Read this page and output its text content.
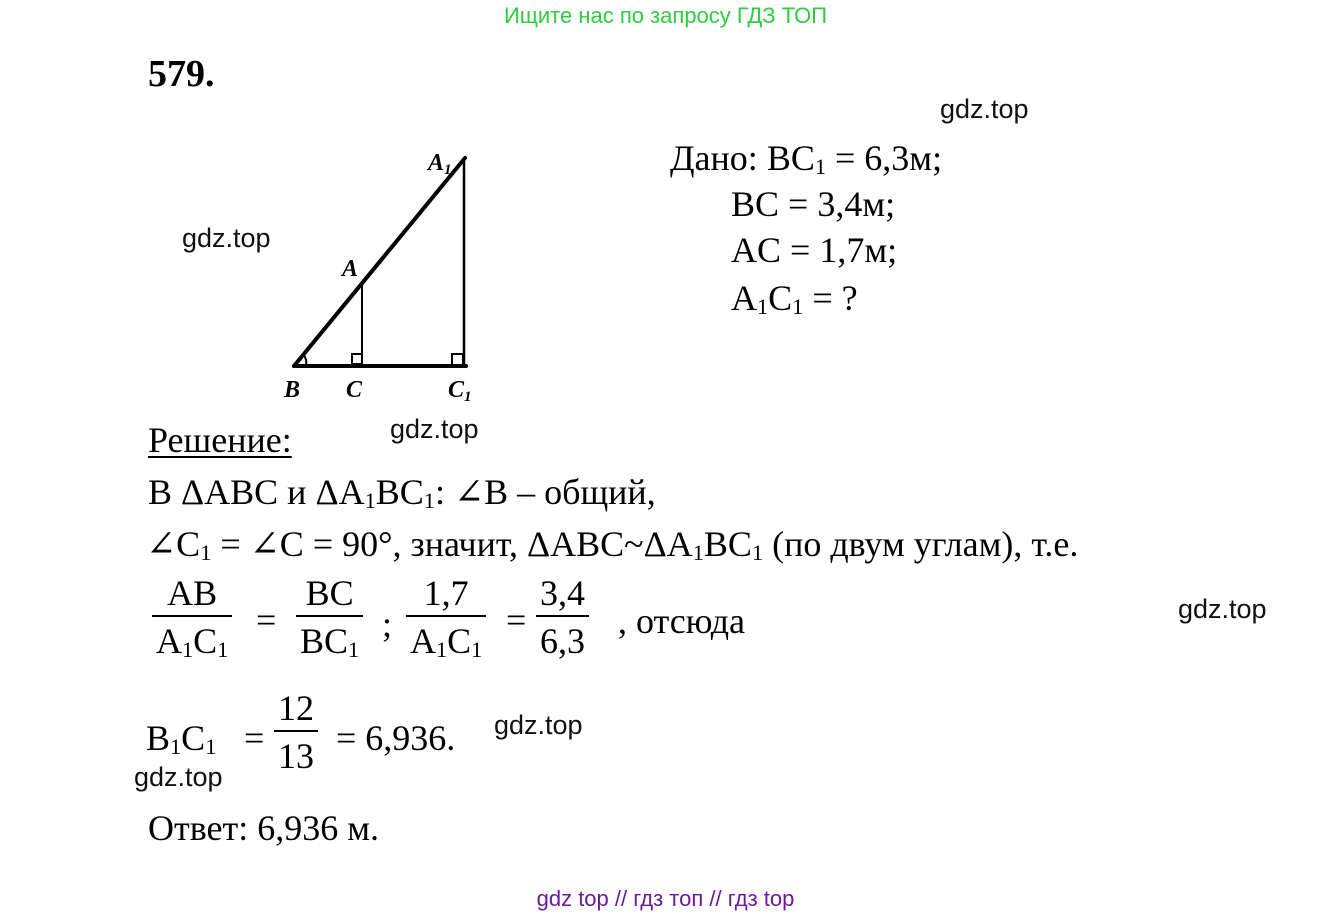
Ищите нас по запросу ГДЗ ТОП
579.
gdz.top
gdz.top
gdz.top
gdz.top
gdz.top
gdz.top
A1
A
B C	C1
Дано: BC1 = 6,3м;
BC = 3,4м;
AC = 1,7м;
A1C1 = ?
Решение:
В ΔABC и ΔA1BC1: ∠B – общий,
∠C1 = ∠C = 90°, значит, ΔABC~ΔA1BC1 (по двум углам), т.е.
$\frac{AB}{A1C1} = \frac{BC}{BC1}$ ; $\frac{1,7}{A1C1} = \frac{3,4}{6,3}$ , отсюда
$B1C1 = \frac{12}{13} = 6,936$.
Ответ: 6,936 м.
gdz top // гдз топ // гдз top
